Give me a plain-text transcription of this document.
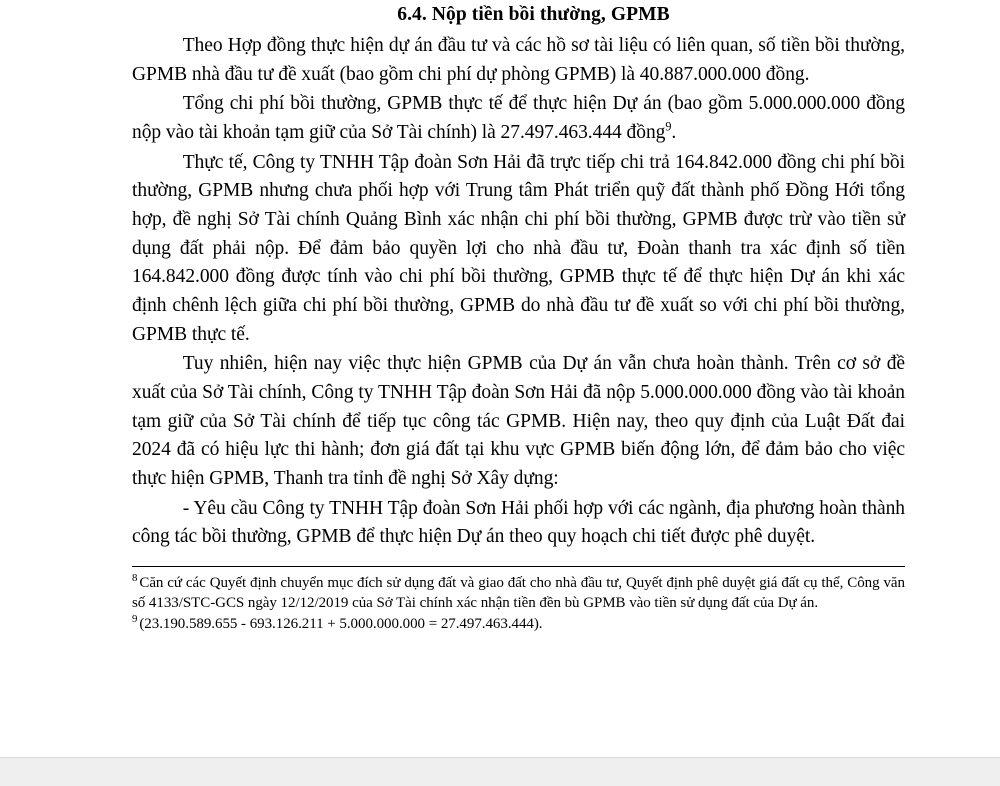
6.4. Nộp tiền bồi thường, GPMB

Theo Hợp đồng thực hiện dự án đầu tư và các hồ sơ tài liệu có liên quan, số tiền bồi thường, GPMB nhà đầu tư đề xuất (bao gồm chi phí dự phòng GPMB) là 40.887.000.000 đồng.

Tổng chi phí bồi thường, GPMB thực tế để thực hiện Dự án (bao gồm 5.000.000.000 đồng nộp vào tài khoản tạm giữ của Sở Tài chính) là 27.497.463.444 đồng$^9$.

Thực tế, Công ty TNHH Tập đoàn Sơn Hải đã trực tiếp chi trả 164.842.000 đồng chi phí bồi thường, GPMB nhưng chưa phối hợp với Trung tâm Phát triển quỹ đất thành phố Đồng Hới tổng hợp, đề nghị Sở Tài chính Quảng Bình xác nhận chi phí bồi thường, GPMB được trừ vào tiền sử dụng đất phải nộp. Để đảm bảo quyền lợi cho nhà đầu tư, Đoàn thanh tra xác định số tiền 164.842.000 đồng được tính vào chi phí bồi thường, GPMB thực tế để thực hiện Dự án khi xác định chênh lệch giữa chi phí bồi thường, GPMB do nhà đầu tư đề xuất so với chi phí bồi thường, GPMB thực tế.

Tuy nhiên, hiện nay việc thực hiện GPMB của Dự án vẫn chưa hoàn thành. Trên cơ sở đề xuất của Sở Tài chính, Công ty TNHH Tập đoàn Sơn Hải đã nộp 5.000.000.000 đồng vào tài khoản tạm giữ của Sở Tài chính để tiếp tục công tác GPMB. Hiện nay, theo quy định của Luật Đất đai 2024 đã có hiệu lực thi hành; đơn giá đất tại khu vực GPMB biến động lớn, để đảm bảo cho việc thực hiện GPMB, Thanh tra tỉnh đề nghị Sở Xây dựng:

- Yêu cầu Công ty TNHH Tập đoàn Sơn Hải phối hợp với các ngành, địa phương hoàn thành công tác bồi thường, GPMB để thực hiện Dự án theo quy hoạch chi tiết được phê duyệt.

$^8$ Căn cứ các Quyết định chuyển mục đích sử dụng đất và giao đất cho nhà đầu tư, Quyết định phê duyệt giá đất cụ thể, Công văn số 4133/STC-GCS ngày 12/12/2019 của Sở Tài chính xác nhận tiền đền bù GPMB vào tiền sử dụng đất của Dự án.

$^9$ (23.190.589.655 - 693.126.211 + 5.000.000.000 = 27.497.463.444).
